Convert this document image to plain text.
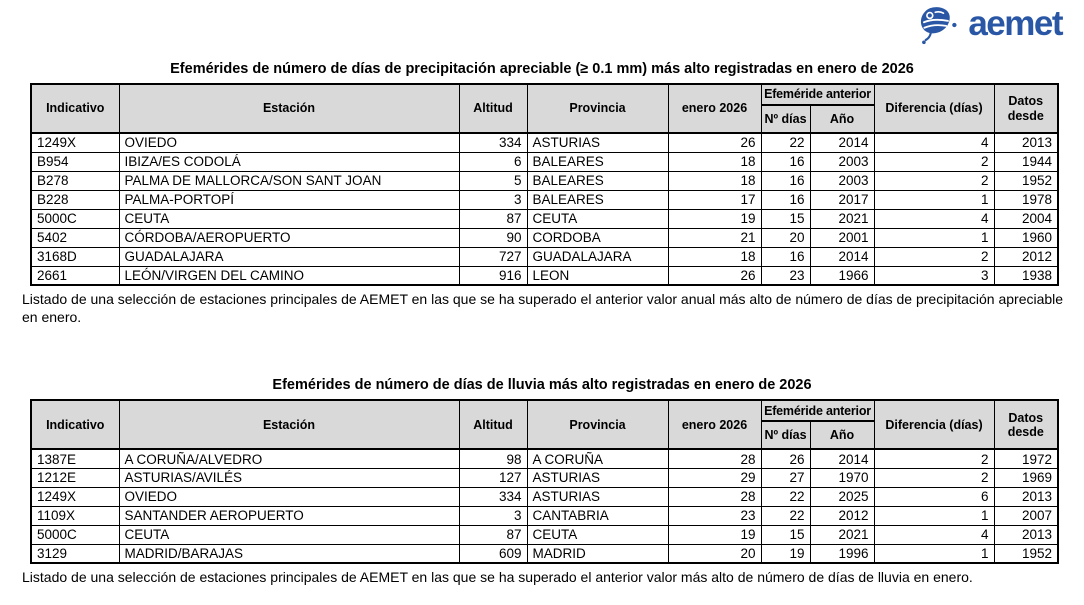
aemet
Efemérides de número de días de precipitación apreciable (≥ 0.1 mm) más alto registradas en enero de 2026
Indicativo	Estación	Altitud	Provincia	enero 2026	Efeméride anterior		Diferencia (días)	Datos desde
					Nº días	Año		
1249X	OVIEDO	334	ASTURIAS	26	22	2014	4	2013
B954	IBIZA/ES CODOLÁ	6	BALEARES	18	16	2003	2	1944
B278	PALMA DE MALLORCA/SON SANT JOAN	5	BALEARES	18	16	2003	2	1952
B228	PALMA-PORTOPÍ	3	BALEARES	17	16	2017	1	1978
5000C	CEUTA	87	CEUTA	19	15	2021	4	2004
5402	CÓRDOBA/AEROPUERTO	90	CORDOBA	21	20	2001	1	1960
3168D	GUADALAJARA	727	GUADALAJARA	18	16	2014	2	2012
2661	LEÓN/VIRGEN DEL CAMINO	916	LEON	26	23	1966	3	1938

Listado de una selección de estaciones principales de AEMET en las que se ha superado el anterior valor anual más alto de número de días de precipitación apreciable en enero.

Efemérides de número de días de lluvia más alto registradas en enero de 2026
Indicativo	Estación	Altitud	Provincia	enero 2026	Efeméride anterior		Diferencia (días)	Datos desde
					Nº días	Año		
1387E	A CORUÑA/ALVEDRO	98	A CORUÑA	28	26	2014	2	1972
1212E	ASTURIAS/AVILÉS	127	ASTURIAS	29	27	1970	2	1969
1249X	OVIEDO	334	ASTURIAS	28	22	2025	6	2013
1109X	SANTANDER AEROPUERTO	3	CANTABRIA	23	22	2012	1	2007
5000C	CEUTA	87	CEUTA	19	15	2021	4	2013
3129	MADRID/BARAJAS	609	MADRID	20	19	1996	1	1952

Listado de una selección de estaciones principales de AEMET en las que se ha superado el anterior valor más alto de número de días de lluvia en enero.
